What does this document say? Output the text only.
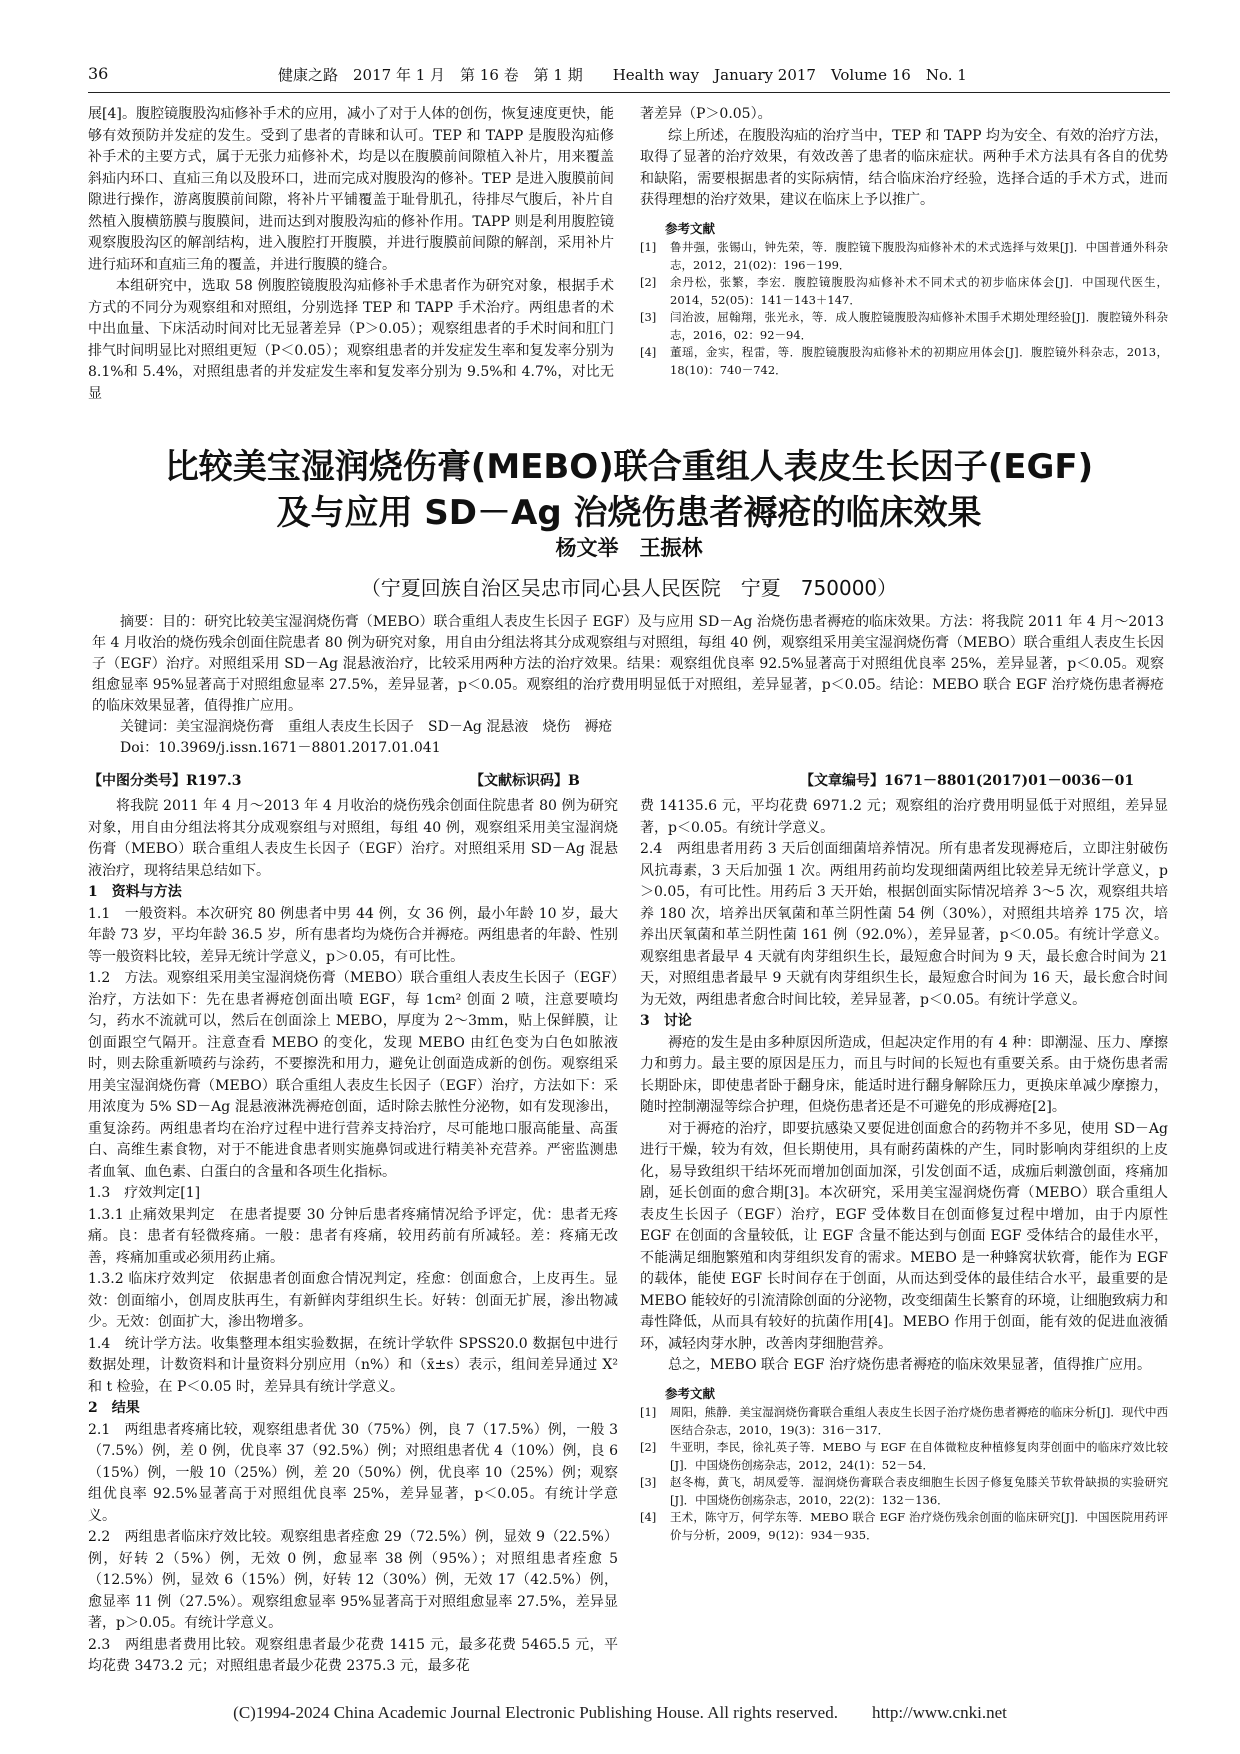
36	健康之路　2017 年 1 月　第 16 卷　第 1 期　　Health way　January 2017　Volume 16　No. 1

展[4]。腹腔镜腹股沟疝修补手术的应用，减小了对于人体的创伤，恢复速度更快，能够有效预防并发症的发生。受到了患者的青睐和认可。TEP 和 TAPP 是腹股沟疝修补手术的主要方式，属于无张力疝修补术，均是以在腹膜前间隙植入补片，用来覆盖斜疝内环口、直疝三角以及股环口，进而完成对腹股沟的修补。TEP 是进入腹膜前间隙进行操作，游离腹膜前间隙，将补片平铺覆盖于耻骨肌孔，待排尽气腹后，补片自然植入腹横筋膜与腹膜间，进而达到对腹股沟疝的修补作用。TAPP 则是利用腹腔镜观察腹股沟区的解剖结构，进入腹腔打开腹膜，并进行腹膜前间隙的解剖，采用补片进行疝环和直疝三角的覆盖，并进行腹膜的缝合。

本组研究中，选取 58 例腹腔镜腹股沟疝修补手术患者作为研究对象，根据手术方式的不同分为观察组和对照组，分别选择 TEP 和 TAPP 手术治疗。两组患者的术中出血量、下床活动时间对比无显著差异（P＞0.05）；观察组患者的手术时间和肛门排气时间明显比对照组更短（P＜0.05）；观察组患者的并发症发生率和复发率分别为 8.1%和 5.4%，对照组患者的并发症发生率和复发率分别为 9.5%和 4.7%，对比无显

著差异（P＞0.05）。

综上所述，在腹股沟疝的治疗当中，TEP 和 TAPP 均为安全、有效的治疗方法，取得了显著的治疗效果，有效改善了患者的临床症状。两种手术方法具有各自的优势和缺陷，需要根据患者的实际病情，结合临床治疗经验，选择合适的手术方式，进而获得理想的治疗效果，建议在临床上予以推广。

参考文献

[1] 鲁井强，张锡山，钟先荣，等．腹腔镜下腹股沟疝修补术的术式选择与效果[J]．中国普通外科杂志，2012，21(02)：196－199．

[2] 余丹松，张繁，李宏．腹腔镜腹股沟疝修补术不同术式的初步临床体会[J]．中国现代医生，2014，52(05)：141－143＋147．

[3] 闫治波，屈翰翔，张光永，等．成人腹腔镜腹股沟疝修补术围手术期处理经验[J]．腹腔镜外科杂志，2016，02：92－94．

[4] 董瑶，金实，程雷，等．腹腔镜腹股沟疝修补术的初期应用体会[J]．腹腔镜外科杂志，2013，18(10)：740－742．

比较美宝湿润烧伤膏(MEBO)联合重组人表皮生长因子(EGF)
及与应用 SD－Ag 治烧伤患者褥疮的临床效果
杨文举　王振林
（宁夏回族自治区吴忠市同心县人民医院　宁夏　750000）

摘要：目的：研究比较美宝湿润烧伤膏（MEBO）联合重组人表皮生长因子 EGF）及与应用 SD－Ag 治烧伤患者褥疮的临床效果。方法：将我院 2011 年 4 月～2013 年 4 月收治的烧伤残余创面住院患者 80 例为研究对象，用自由分组法将其分成观察组与对照组，每组 40 例，观察组采用美宝湿润烧伤膏（MEBO）联合重组人表皮生长因子（EGF）治疗。对照组采用 SD－Ag 混悬液治疗，比较采用两种方法的治疗效果。结果：观察组优良率 92.5%显著高于对照组优良率 25%，差异显著，p＜0.05。观察组愈显率 95%显著高于对照组愈显率 27.5%，差异显著，p＜0.05。观察组的治疗费用明显低于对照组，差异显著，p＜0.05。结论：MEBO 联合 EGF 治疗烧伤患者褥疮的临床效果显著，值得推广应用。

关键词：美宝湿润烧伤膏　重组人表皮生长因子　SD－Ag 混悬液　烧伤　褥疮

Doi：10.3969/j.issn.1671－8801.2017.01.041

【中图分类号】R197.3	【文献标识码】B	【文章编号】1671－8801(2017)01－0036－01

将我院 2011 年 4 月～2013 年 4 月收治的烧伤残余创面住院患者 80 例为研究对象，用自由分组法将其分成观察组与对照组，每组 40 例，观察组采用美宝湿润烧伤膏（MEBO）联合重组人表皮生长因子（EGF）治疗。对照组采用 SD－Ag 混悬液治疗，现将结果总结如下。

1　资料与方法

1.1　一般资料。本次研究 80 例患者中男 44 例，女 36 例，最小年龄 10 岁，最大年龄 73 岁，平均年龄 36.5 岁，所有患者均为烧伤合并褥疮。两组患者的年龄、性别等一般资料比较，差异无统计学意义，p＞0.05，有可比性。

1.2　方法。观察组采用美宝湿润烧伤膏（MEBO）联合重组人表皮生长因子（EGF）治疗，方法如下：先在患者褥疮创面出喷 EGF，每 1cm² 创面 2 喷，注意要喷均匀，药水不流就可以，然后在创面涂上 MEBO，厚度为 2～3mm，贴上保鲜膜，让创面跟空气隔开。注意查看 MEBO 的变化，发现 MEBO 由红色变为白色如脓液时，则去除重新喷药与涂药，不要擦洗和用力，避免让创面造成新的创伤。观察组采用美宝湿润烧伤膏（MEBO）联合重组人表皮生长因子（EGF）治疗，方法如下：采用浓度为 5% SD－Ag 混悬液淋洗褥疮创面，适时除去脓性分泌物，如有发现渗出，重复涂药。两组患者均在治疗过程中进行营养支持治疗，尽可能地口服高能量、高蛋白、高维生素食物，对于不能进食患者则实施鼻饲或进行精美补充营养。严密监测患者血氧、血色素、白蛋白的含量和各项生化指标。

1.3　疗效判定[1]

1.3.1 止痛效果判定　在患者提要 30 分钟后患者疼痛情况给予评定，优：患者无疼痛。良：患者有轻微疼痛。一般：患者有疼痛，较用药前有所减轻。差：疼痛无改善，疼痛加重或必须用药止痛。

1.3.2 临床疗效判定　依据患者创面愈合情况判定，痊愈：创面愈合，上皮再生。显效：创面缩小，创周皮肤再生，有新鲜肉芽组织生长。好转：创面无扩展，渗出物减少。无效：创面扩大，渗出物增多。

1.4　统计学方法。收集整理本组实验数据，在统计学软件 SPSS20.0 数据包中进行数据处理，计数资料和计量资料分别应用（n%）和（x̄±s）表示，组间差异通过 X² 和 t 检验，在 P＜0.05 时，差异具有统计学意义。

2　结果

2.1　两组患者疼痛比较，观察组患者优 30（75%）例，良 7（17.5%）例，一般 3（7.5%）例，差 0 例，优良率 37（92.5%）例；对照组患者优 4（10%）例，良 6（15%）例，一般 10（25%）例，差 20（50%）例，优良率 10（25%）例；观察组优良率 92.5%显著高于对照组优良率 25%，差异显著，p＜0.05。有统计学意义。

2.2　两组患者临床疗效比较。观察组患者痊愈 29（72.5%）例，显效 9（22.5%）例，好转 2（5%）例，无效 0 例，愈显率 38 例（95%）；对照组患者痊愈 5（12.5%）例，显效 6（15%）例，好转 12（30%）例，无效 17（42.5%）例，愈显率 11 例（27.5%）。观察组愈显率 95%显著高于对照组愈显率 27.5%，差异显著，p＞0.05。有统计学意义。

2.3　两组患者费用比较。观察组患者最少花费 1415 元，最多花费 5465.5 元，平均花费 3473.2 元；对照组患者最少花费 2375.3 元，最多花

费 14135.6 元，平均花费 6971.2 元；观察组的治疗费用明显低于对照组，差异显著，p＜0.05。有统计学意义。

2.4　两组患者用药 3 天后创面细菌培养情况。所有患者发现褥疮后，立即注射破伤风抗毒素，3 天后加强 1 次。两组用药前均发现细菌两组比较差异无统计学意义，p＞0.05，有可比性。用药后 3 天开始，根据创面实际情况培养 3～5 次，观察组共培养 180 次，培养出厌氧菌和革兰阴性菌 54 例（30%），对照组共培养 175 次，培养出厌氧菌和革兰阴性菌 161 例（92.0%），差异显著，p＜0.05。有统计学意义。观察组患者最早 4 天就有肉芽组织生长，最短愈合时间为 9 天，最长愈合时间为 21 天，对照组患者最早 9 天就有肉芽组织生长，最短愈合时间为 16 天，最长愈合时间为无效，两组患者愈合时间比较，差异显著，p＜0.05。有统计学意义。

3　讨论

褥疮的发生是由多种原因所造成，但起决定作用的有 4 种：即潮湿、压力、摩擦力和剪力。最主要的原因是压力，而且与时间的长短也有重要关系。由于烧伤患者需长期卧床，即使患者卧于翻身床，能适时进行翻身解除压力，更换床单减少摩擦力，随时控制潮湿等综合护理，但烧伤患者还是不可避免的形成褥疮[2]。

对于褥疮的治疗，即要抗感染又要促进创面愈合的药物并不多见，使用 SD－Ag 进行干燥，较为有效，但长期使用，具有耐药菌株的产生，同时影响肉芽组织的上皮化，易导致组织干结坏死而增加创面加深，引发创面不适，成痂后刺激创面，疼痛加剧，延长创面的愈合期[3]。本次研究，采用美宝湿润烧伤膏（MEBO）联合重组人表皮生长因子（EGF）治疗，EGF 受体数目在创面修复过程中增加，由于内原性 EGF 在创面的含量较低，让 EGF 含量不能达到与创面 EGF 受体结合的最佳水平，不能满足细胞繁殖和肉芽组织发育的需求。MEBO 是一种蜂窝状软膏，能作为 EGF 的载体，能使 EGF 长时间存在于创面，从而达到受体的最佳结合水平，最重要的是 MEBO 能较好的引流清除创面的分泌物，改变细菌生长繁育的环境，让细胞致病力和毒性降低，从而具有较好的抗菌作用[4]。MEBO 作用于创面，能有效的促进血液循环，减轻肉芽水肿，改善肉芽细胞营养。

总之，MEBO 联合 EGF 治疗烧伤患者褥疮的临床效果显著，值得推广应用。

参考文献

[1] 周阳，熊静．美宝湿润烧伤膏联合重组人表皮生长因子治疗烧伤患者褥疮的临床分析[J]．现代中西医结合杂志，2010，19(3)：316－317．

[2] 牛亚明，李民，徐礼英子等．MEBO 与 EGF 在自体微粒皮种植修复肉芽创面中的临床疗效比较[J]．中国烧伤创疡杂志，2012，24(1)：52－54．

[3] 赵冬梅，黄飞，胡凤爱等．湿润烧伤膏联合表皮细胞生长因子修复兔膝关节软骨缺损的实验研究[J]．中国烧伤创疡杂志，2010，22(2)：132－136．

[4] 王术，陈守万，何学东等．MEBO 联合 EGF 治疗烧伤残余创面的临床研究[J]．中国医院用药评价与分析，2009，9(12)：934－935．

(C)1994-2024 China Academic Journal Electronic Publishing House. All rights reserved.　　http://www.cnki.net
